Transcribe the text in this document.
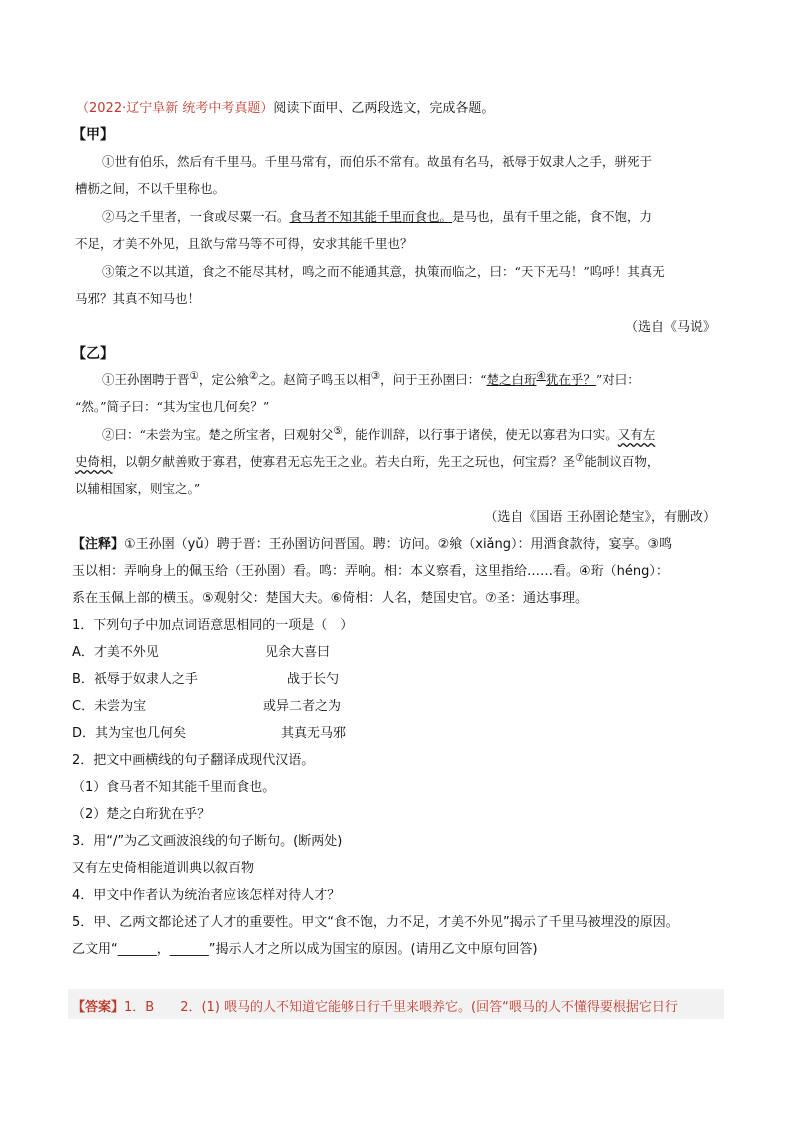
（2022·辽宁阜新 统考中考真题）阅读下面甲、乙两段选文，完成各题。
【甲】
①世有伯乐，然后有千里马。千里马常有，而伯乐不常有。故虽有名马，祇辱于奴隶人之手，骈死于
槽枥之间，不以千里称也。
②马之千里者，一食或尽粟一石。食马者不知其能千里而食也。是马也，虽有千里之能，食不饱，力
不足，才美不外见，且欲与常马等不可得，安求其能千里也？
③策之不以其道，食之不能尽其材，鸣之而不能通其意，执策而临之，曰：“天下无马！”呜呼！其真无
马邪？其真不知马也！
（选自《马说》
【乙】
①王孙圉聘于晋①，定公飨②之。赵简子鸣玉以相③，问于王孙圉曰：“楚之白珩④犹在乎？”对曰：
“然。”简子曰：“其为宝也几何矣？”
②曰：“未尝为宝。楚之所宝者，曰观射父⑤，能作训辞，以行事于诸侯，使无以寡君为口实。又有左
史倚相，以朝夕献善败于寡君，使寡君无忘先王之业。若夫白珩，先王之玩也，何宝焉？圣⑦能制议百物，
以辅相国家，则宝之。”
（选自《国语 王孙圉论楚宝》，有删改）
【注释】①王孙圉（yǔ）聘于晋：王孙圉访问晋国。聘：访问。②飨（xiǎng）：用酒食款待，宴享。③鸣
玉以相：弄响身上的佩玉给（王孙圉）看。鸣：弄响。相：本义察看，这里指给……看。④珩（héng）：
系在玉佩上部的横玉。⑤观射父：楚国大夫。⑥倚相：人名，楚国史官。⑦圣：通达事理。
1．下列句子中加点词语意思相同的一项是（　）
A．才美不外见	见余大喜曰
B．祇辱于奴隶人之手	战于长勺
C．未尝为宝	或异二者之为
D．其为宝也几何矣	其真无马邪
2．把文中画横线的句子翻译成现代汉语。
（1）食马者不知其能千里而食也。
（2）楚之白珩犹在乎？
3．用“/”为乙文画波浪线的句子断句。(断两处)
又有左史倚相能道训典以叙百物
4．甲文中作者认为统治者应该怎样对待人才？
5．甲、乙两文都论述了人才的重要性。甲文“食不饱，力不足，才美不外见”揭示了千里马被埋没的原因。
乙文用“______，______”揭示人才之所以成为国宝的原因。(请用乙文中原句回答)
【答案】1．B　　2．(1) 喂马的人不知道它能够日行千里来喂养它。(回答“喂马的人不懂得要根据它日行
